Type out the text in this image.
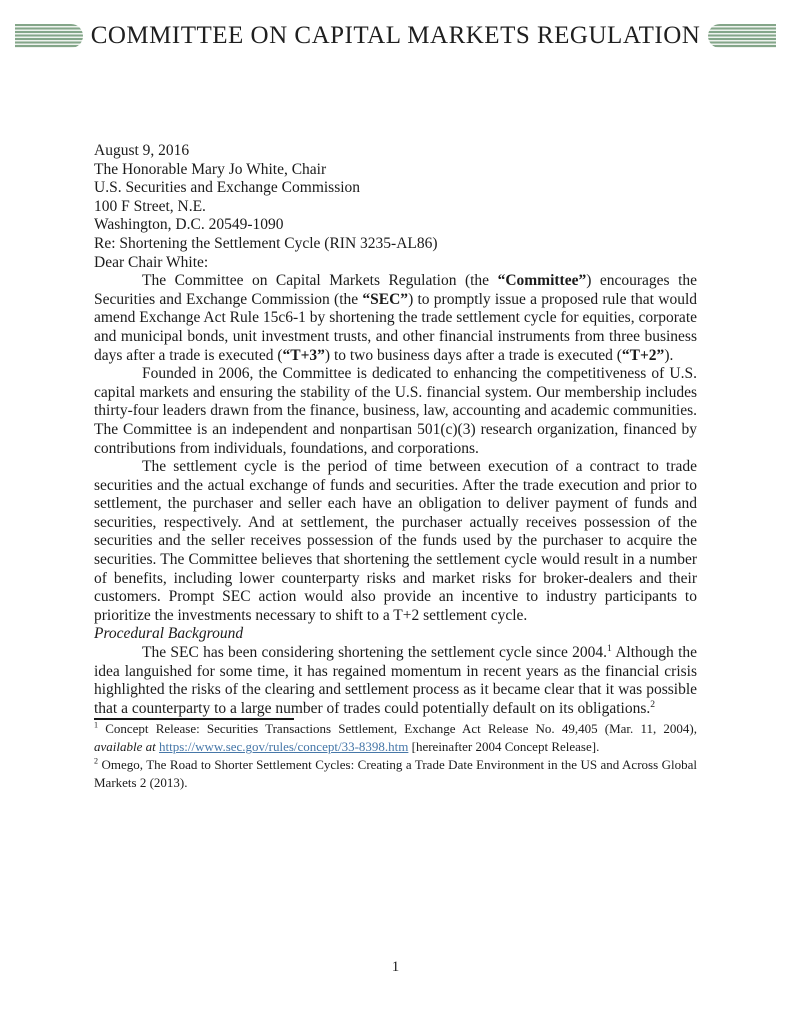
COMMITTEE ON CAPITAL MARKETS REGULATION

August 9, 2016

The Honorable Mary Jo White, Chair
U.S. Securities and Exchange Commission
100 F Street, N.E.
Washington, D.C. 20549-1090

Re: Shortening the Settlement Cycle (RIN 3235-AL86)

Dear Chair White:

The Committee on Capital Markets Regulation (the “Committee”) encourages the Securities and Exchange Commission (the “SEC”) to promptly issue a proposed rule that would amend Exchange Act Rule 15c6-1 by shortening the trade settlement cycle for equities, corporate and municipal bonds, unit investment trusts, and other financial instruments from three business days after a trade is executed (“T+3”) to two business days after a trade is executed (“T+2”).

Founded in 2006, the Committee is dedicated to enhancing the competitiveness of U.S. capital markets and ensuring the stability of the U.S. financial system. Our membership includes thirty-four leaders drawn from the finance, business, law, accounting and academic communities. The Committee is an independent and nonpartisan 501(c)(3) research organization, financed by contributions from individuals, foundations, and corporations.

The settlement cycle is the period of time between execution of a contract to trade securities and the actual exchange of funds and securities. After the trade execution and prior to settlement, the purchaser and seller each have an obligation to deliver payment of funds and securities, respectively. And at settlement, the purchaser actually receives possession of the securities and the seller receives possession of the funds used by the purchaser to acquire the securities. The Committee believes that shortening the settlement cycle would result in a number of benefits, including lower counterparty risks and market risks for broker-dealers and their customers. Prompt SEC action would also provide an incentive to industry participants to prioritize the investments necessary to shift to a T+2 settlement cycle.

Procedural Background

The SEC has been considering shortening the settlement cycle since 2004.$^1$ Although the idea languished for some time, it has regained momentum in recent years as the financial crisis highlighted the risks of the clearing and settlement process as it became clear that it was possible that a counterparty to a large number of trades could potentially default on its obligations.$^2$

$^1$ Concept Release: Securities Transactions Settlement, Exchange Act Release No. 49,405 (Mar. 11, 2004), available at https://www.sec.gov/rules/concept/33-8398.htm [hereinafter 2004 Concept Release].

$^2$ Omego, The Road to Shorter Settlement Cycles: Creating a Trade Date Environment in the US and Across Global Markets 2 (2013).

1
